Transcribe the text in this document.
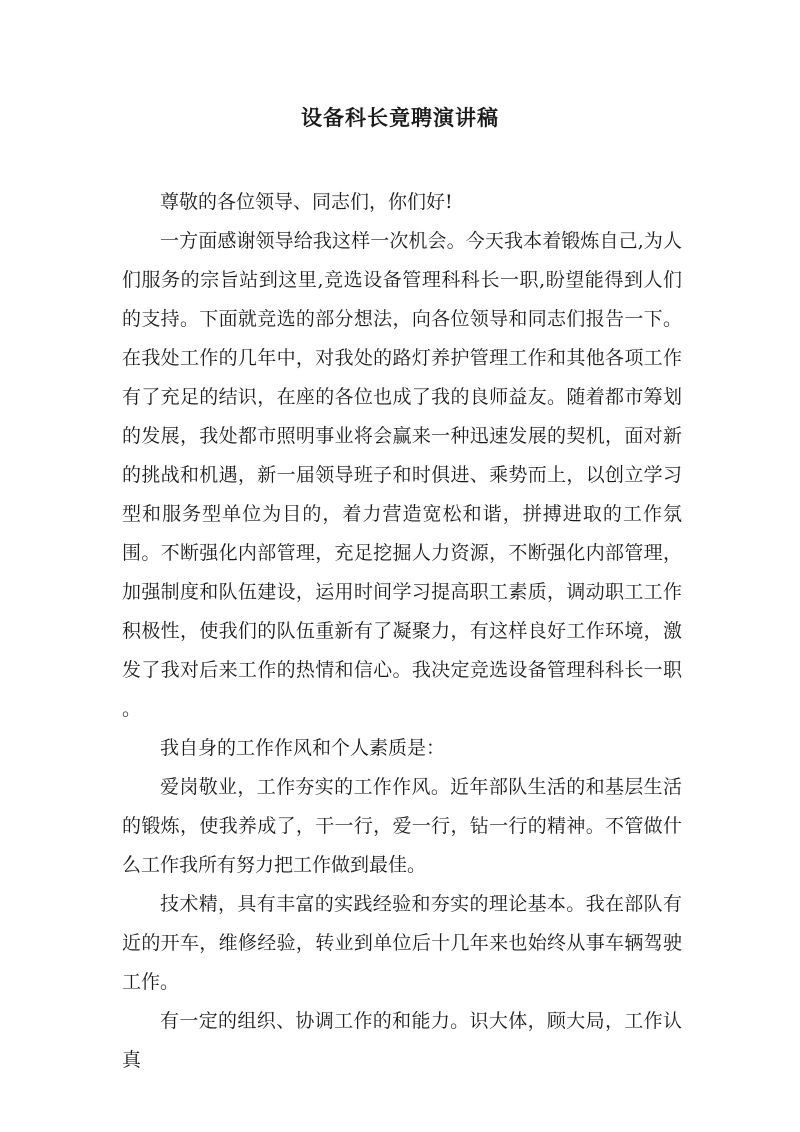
设备科长竟聘演讲稿

尊敬的各位领导、同志们，你们好!

一方面感谢领导给我这样一次机会。今天我本着锻炼自己,为人们服务的宗旨站到这里,竞选设备管理科科长一职,盼望能得到人们的支持。下面就竞选的部分想法，向各位领导和同志们报告一下。在我处工作的几年中，对我处的路灯养护管理工作和其他各项工作有了充足的结识，在座的各位也成了我的良师益友。随着都市筹划的发展，我处都市照明事业将会赢来一种迅速发展的契机，面对新的挑战和机遇，新一届领导班子和时俱进、乘势而上，以创立学习型和服务型单位为目的，着力营造宽松和谐，拼搏进取的工作氛围。不断强化内部管理，充足挖掘人力资源，不断强化内部管理，加强制度和队伍建设，运用时间学习提高职工素质，调动职工工作积极性，使我们的队伍重新有了凝聚力，有这样良好工作环境，激发了我对后来工作的热情和信心。我决定竞选设备管理科科长一职 。

我自身的工作作风和个人素质是：

爱岗敬业，工作夯实的工作作风。近年部队生活的和基层生活的锻炼，使我养成了，干一行，爱一行，钻一行的精神。不管做什么工作我所有努力把工作做到最佳。

技术精，具有丰富的实践经验和夯实的理论基本。我在部队有近的开车，维修经验，转业到单位后十几年来也始终从事车辆驾驶工作。

有一定的组织、协调工作的和能力。识大体，顾大局，工作认真
